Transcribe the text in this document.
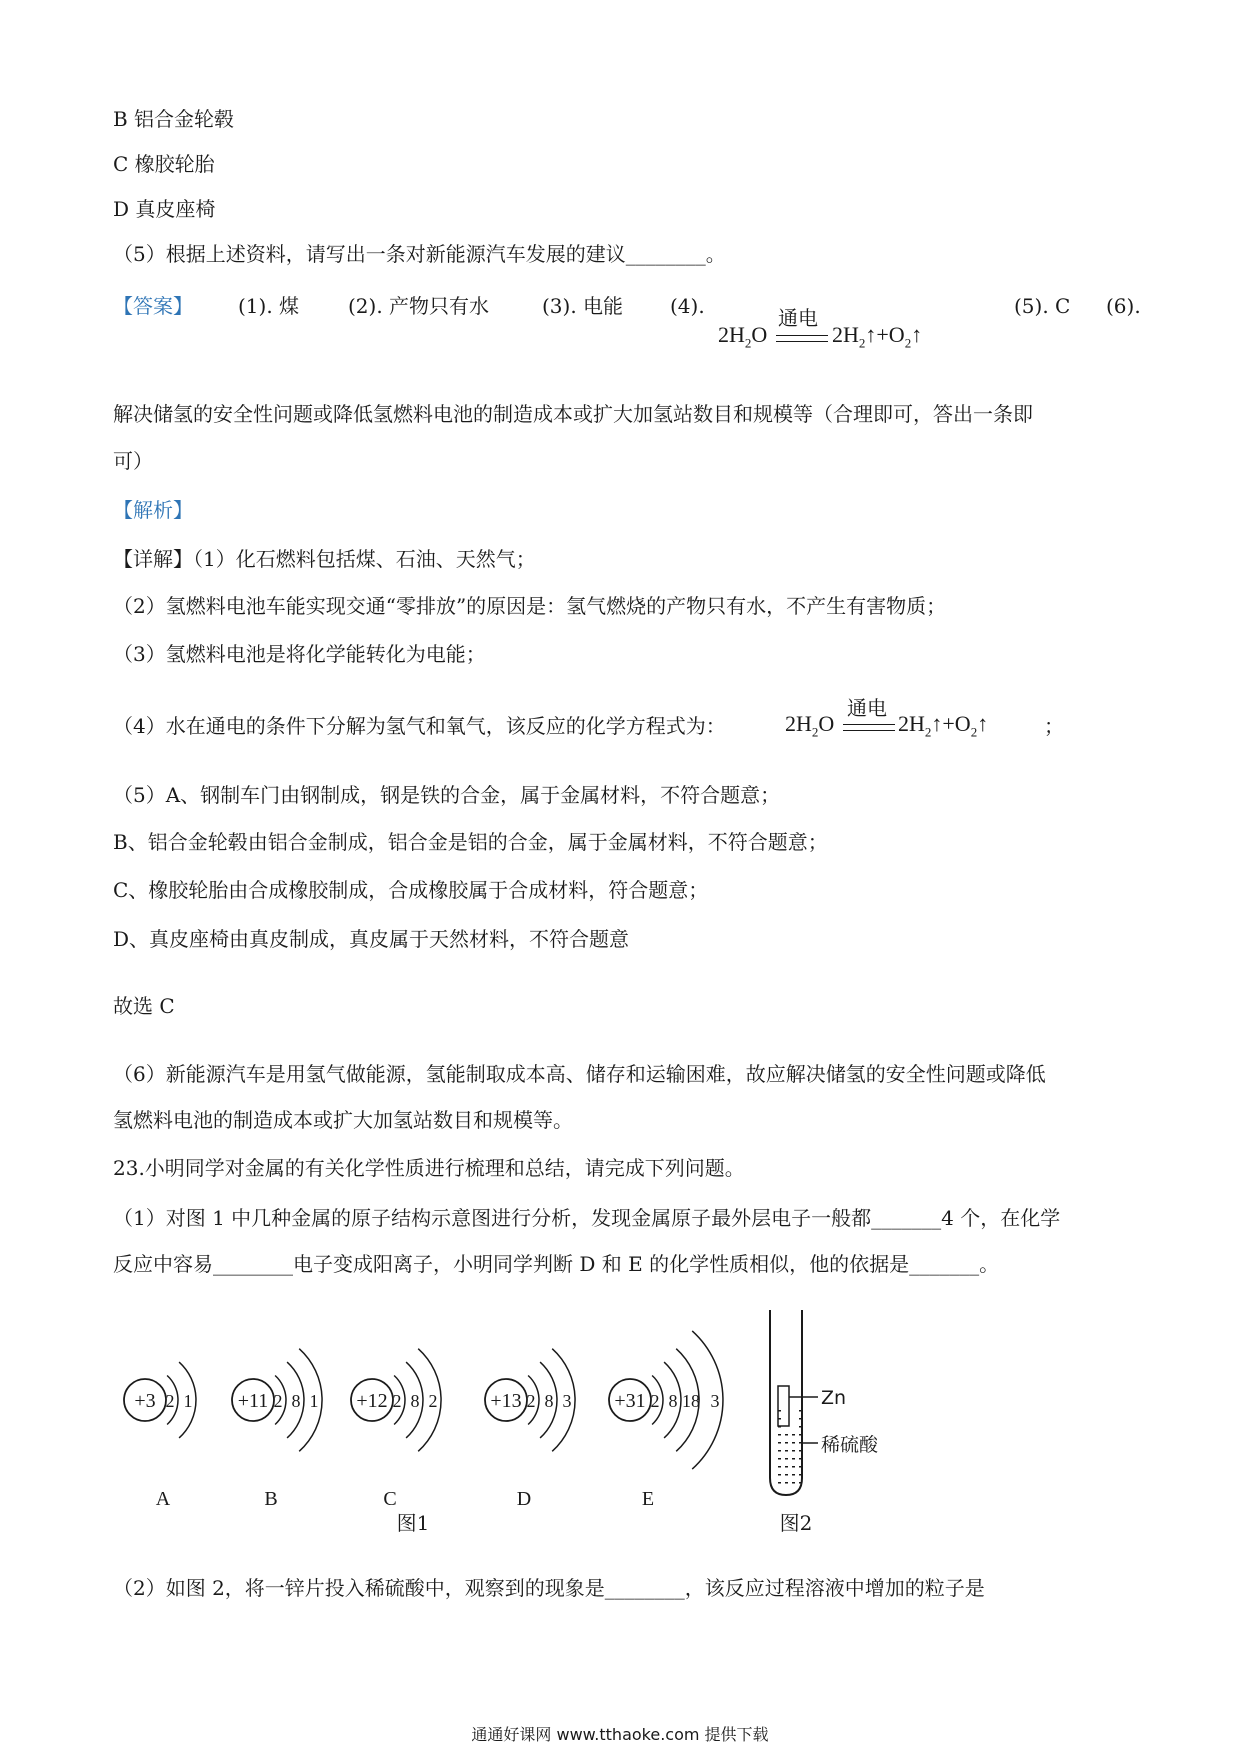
B 铝合金轮毂
C 橡胶轮胎
D 真皮座椅
（5）根据上述资料，请写出一条对新能源汽车发展的建议________。
【答案】 (1). 煤 (2). 产物只有水	(3). 电能 (4).	通电
$2H_2O$	$2H_2↑+O_2↑$
(5). C (6).
解决储氢的安全性问题或降低氢燃料电池的制造成本或扩大加氢站数目和规模等（合理即可，答出一条即
可）
【解析】
【详解】（1）化石燃料包括煤、石油、天然气；
（2）氢燃料电池车能实现交通“零排放”的原因是：氢气燃烧的产物只有水，不产生有害物质；
（3）氢燃料电池是将化学能转化为电能；
（4）水在通电的条件下分解为氢气和氧气，该反应的化学方程式为：
通电
$2H_2O$	$2H_2↑+O_2↑$	；
（5）A、钢制车门由钢制成，钢是铁的合金，属于金属材料，不符合题意；
B、铝合金轮毂由铝合金制成，铝合金是铝的合金，属于金属材料，不符合题意；
C、橡胶轮胎由合成橡胶制成，合成橡胶属于合成材料，符合题意；
D、真皮座椅由真皮制成，真皮属于天然材料，不符合题意
故选 C
（6）新能源汽车是用氢气做能源，氢能制取成本高、储存和运输困难，故应解决储氢的安全性问题或降低
氢燃料电池的制造成本或扩大加氢站数目和规模等。
23.小明同学对金属的有关化学性质进行梳理和总结，请完成下列问题。
（1）对图 1 中几种金属的原子结构示意图进行分析，发现金属原子最外层电子一般都_______4 个，在化学
反应中容易________电子变成阳离子，小明同学判断 D 和 E 的化学性质相似，他的依据是_______。
+3 2 1
A
+11 2 8 1
B
+12 2 8 2
C
+13 2 8 3
D
+31 2 8 18 3
E
图1
Zn
稀硫酸
图2
（2）如图 2，将一锌片投入稀硫酸中，观察到的现象是________，该反应过程溶液中增加的粒子是
通通好课网 www.tthaoke.com 提供下载
